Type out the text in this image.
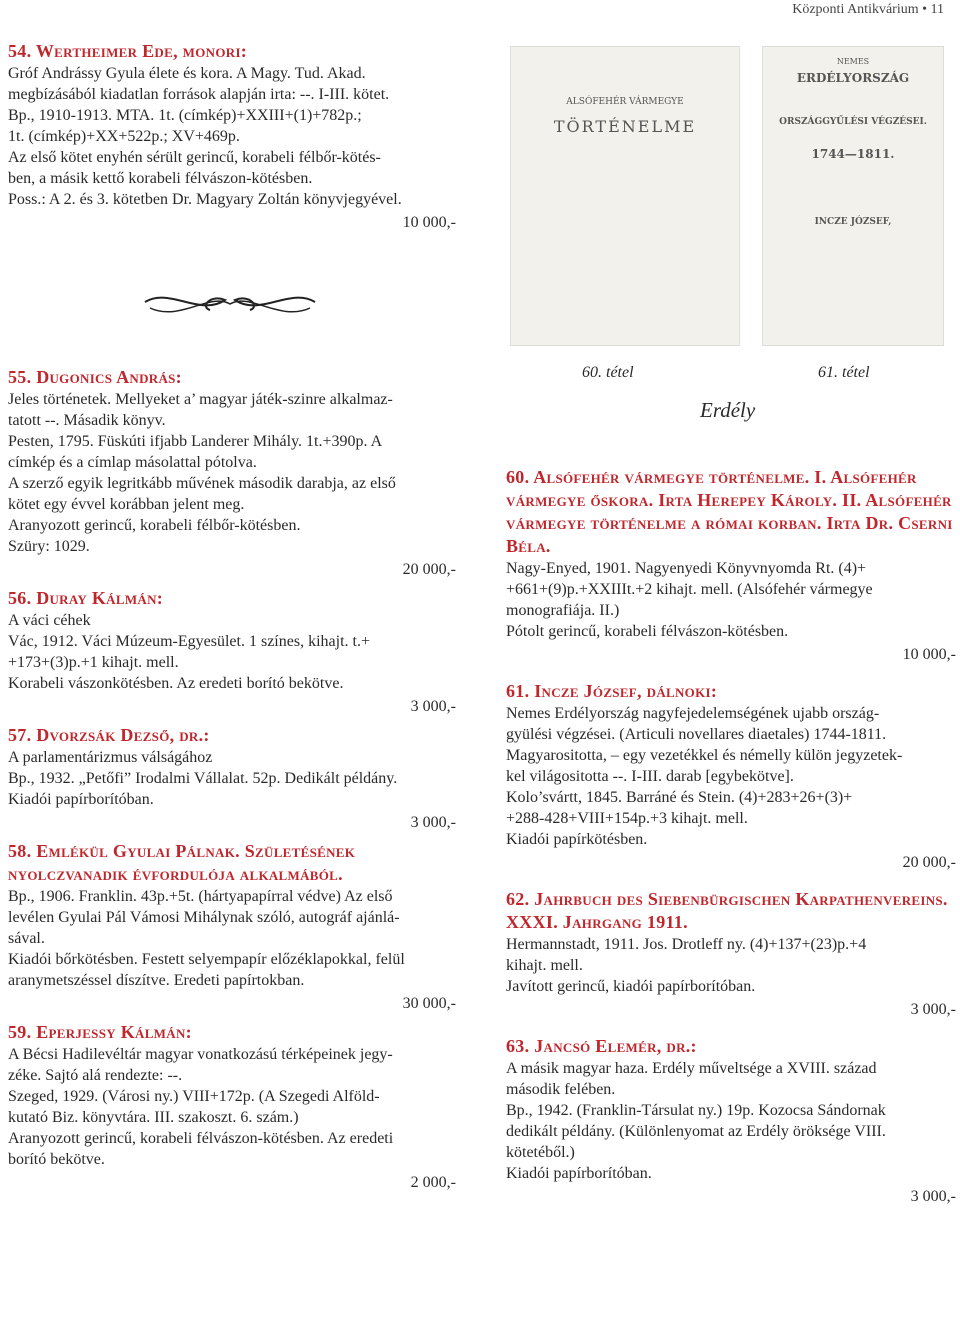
Központi Antikvárium • 11
54. Wertheimer Ede, monori:
Gróf Andrássy Gyula élete és kora. A Magy. Tud. Akad.
megbízásából kiadatlan források alapján irta: --. I-III. kötet.
Bp., 1910-1913. MTA. 1t. (címkép)+XXIII+(1)+782p.;
1t. (címkép)+XX+522p.; XV+469p.
Az első kötet enyhén sérült gerincű, korabeli félbőr-kötés-
ben, a másik kettő korabeli félvászon-kötésben.
Poss.: A 2. és 3. kötetben Dr. Magyary Zoltán könyvjegyével.
10 000,-
55. Dugonics András:
Jeles történetek. Mellyeket a’ magyar játék-szinre alkalmaz-
tatott --. Másadik könyv.
Pesten, 1795. Füskúti ifjabb Landerer Mihály. 1t.+390p. A
címkép és a címlap másolattal pótolva.
A szerző egyik legritkább művének második darabja, az első
kötet egy évvel korábban jelent meg.
Aranyozott gerincű, korabeli félbőr-kötésben.
Szüry: 1029.
20 000,-
56. Duray Kálmán:
A váci céhek
Vác, 1912. Váci Múzeum-Egyesület. 1 színes, kihajt. t.+
+173+(3)p.+1 kihajt. mell.
Korabeli vászonkötésben. Az eredeti borító bekötve.
3 000,-
57. Dvorzsák Dezső, dr.:
A parlamentárizmus válságához
Bp., 1932. „Petőfi” Irodalmi Vállalat. 52p. Dedikált példány.
Kiadói papírborítóban.
3 000,-
58. Emlékül Gyulai Pálnak. Születésének nyolczvanadik évfordulója alkalmából.
Bp., 1906. Franklin. 43p.+5t. (hártyapapírral védve) Az első
levélen Gyulai Pál Vámosi Mihálynak szóló, autográf ajánlá-
sával.
Kiadói bőrkötésben. Festett selyempapír előzéklapokkal, felül
aranymetszéssel díszítve. Eredeti papírtokban.
30 000,-
59. Eperjessy Kálmán:
A Bécsi Hadilevéltár magyar vonatkozású térképeinek jegy-
zéke. Sajtó alá rendezte: --.
Szeged, 1929. (Városi ny.) VIII+172p. (A Szegedi Alföld-
kutató Biz. könyvtára. III. szakoszt. 6. szám.)
Aranyozott gerincű, korabeli félvászon-kötésben. Az eredeti
borító bekötve.
2 000,-
ALSÓFEHÉR VÁRMEGYE
TÖRTÉNELME
NEMES
ERDÉLYORSZÁG
ORSZÁGGYŰLÉSI VÉGZÉSEI.
1744—1811.
INCZE JÓZSEF,
60. tétel	61. tétel
Erdély
60. Alsófehér vármegye történelme. I. Alsófehér vármegye őskora. Irta Herepey Károly. II. Alsófehér vármegye történelme a római korban. Irta Dr. Cserni Béla.
Nagy-Enyed, 1901. Nagyenyedi Könyvnyomda Rt. (4)+
+661+(9)p.+XXIIIt.+2 kihajt. mell. (Alsófehér vármegye
monografiája. II.)
Pótolt gerincű, korabeli félvászon-kötésben.
10 000,-
61. Incze József, dálnoki:
Nemes Erdélyország nagyfejedelemségének ujabb ország-
gyülési végzései. (Articuli novellares diaetales) 1744-1811.
Magyarositotta, – egy vezetékkel és némelly külön jegyzetek-
kel világositotta --. I-III. darab [egybekötve].
Kolo’svártt, 1845. Barráné és Stein. (4)+283+26+(3)+
+288-428+VIII+154p.+3 kihajt. mell.
Kiadói papírkötésben.
20 000,-
62. Jahrbuch des Siebenbürgischen Karpathenvereins. XXXI. Jahrgang 1911.
Hermannstadt, 1911. Jos. Drotleff ny. (4)+137+(23)p.+4
kihajt. mell.
Javított gerincű, kiadói papírborítóban.
3 000,-
63. Jancsó Elemér, dr.:
A másik magyar haza. Erdély műveltsége a XVIII. század
második felében.
Bp., 1942. (Franklin-Társulat ny.) 19p. Kozocsa Sándornak
dedikált példány. (Különlenyomat az Erdély öröksége VIII.
kötetéből.)
Kiadói papírborítóban.
3 000,-
